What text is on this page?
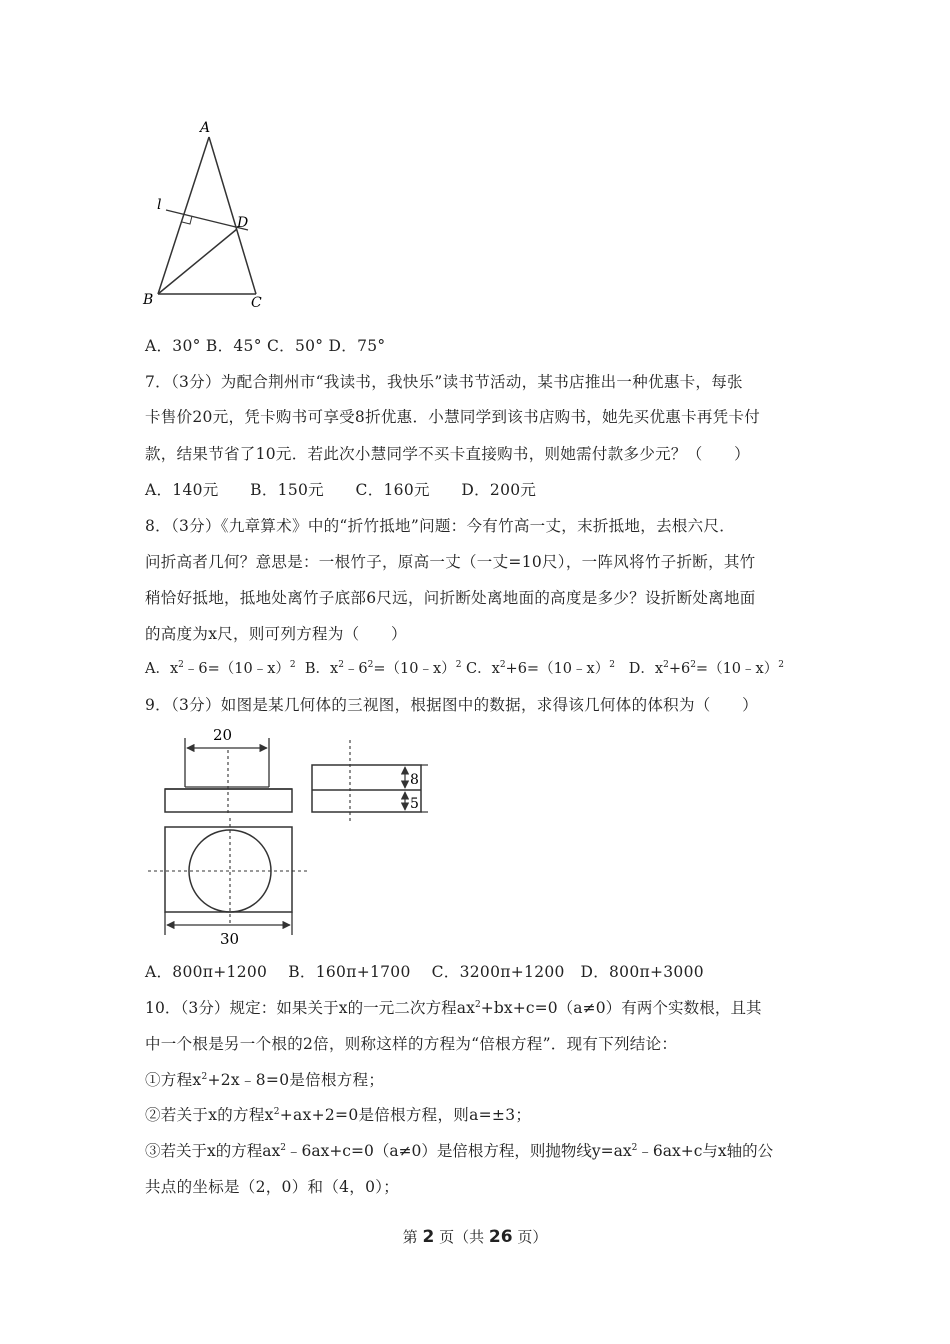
A
l
D
B	C
A．30° B．45° C．50° D．75°
7．（3分）为配合荆州市“我读书，我快乐”读书节活动，某书店推出一种优惠卡，每张
卡售价20元，凭卡购书可享受8折优惠．小慧同学到该书店购书，她先买优惠卡再凭卡付
款，结果节省了10元．若此次小慧同学不买卡直接购书，则她需付款多少元？（　　）
A．140元　　B．150元　　C．160元　　D．200元
8．（3分）《九章算术》中的“折竹抵地”问题：今有竹高一丈，末折抵地，去根六尺．
问折高者几何？意思是：一根竹子，原高一丈（一丈=10尺），一阵风将竹子折断，其竹
稍恰好抵地，抵地处离竹子底部6尺远，问折断处离地面的高度是多少？设折断处离地面
的高度为x尺，则可列方程为（　　）
A．$x^2﹣6=(10﹣x)^2$ B．$x^2﹣6^2=(10﹣x)^2$ C．$x^2+6=(10﹣x)^2$ D．$x^2+6^2=(10﹣x)^2$
9．（3分）如图是某几何体的三视图，根据图中的数据，求得该几何体的体积为（　　）
20
8
5
30
A．800π+1200　 B．160π+1700　 C．3200π+1200　D．800π+3000
10．（3分）规定：如果关于x的一元二次方程$ax^2+bx+c=0(a\ne 0)$有两个实数根，且其
中一个根是另一个根的2倍，则称这样的方程为“倍根方程”．现有下列结论：
①方程$x^2+2x﹣8=0$是倍根方程；
②若关于x的方程$x^2+ax+2=0$是倍根方程，则a=±3；
③若关于x的方程$ax^2﹣6ax+c=0(a\ne 0)$是倍根方程，则抛物线$y=ax^2﹣6ax+c$与x轴的公
共点的坐标是（2，0）和（4，0）；
第 2 页（共 26 页）
